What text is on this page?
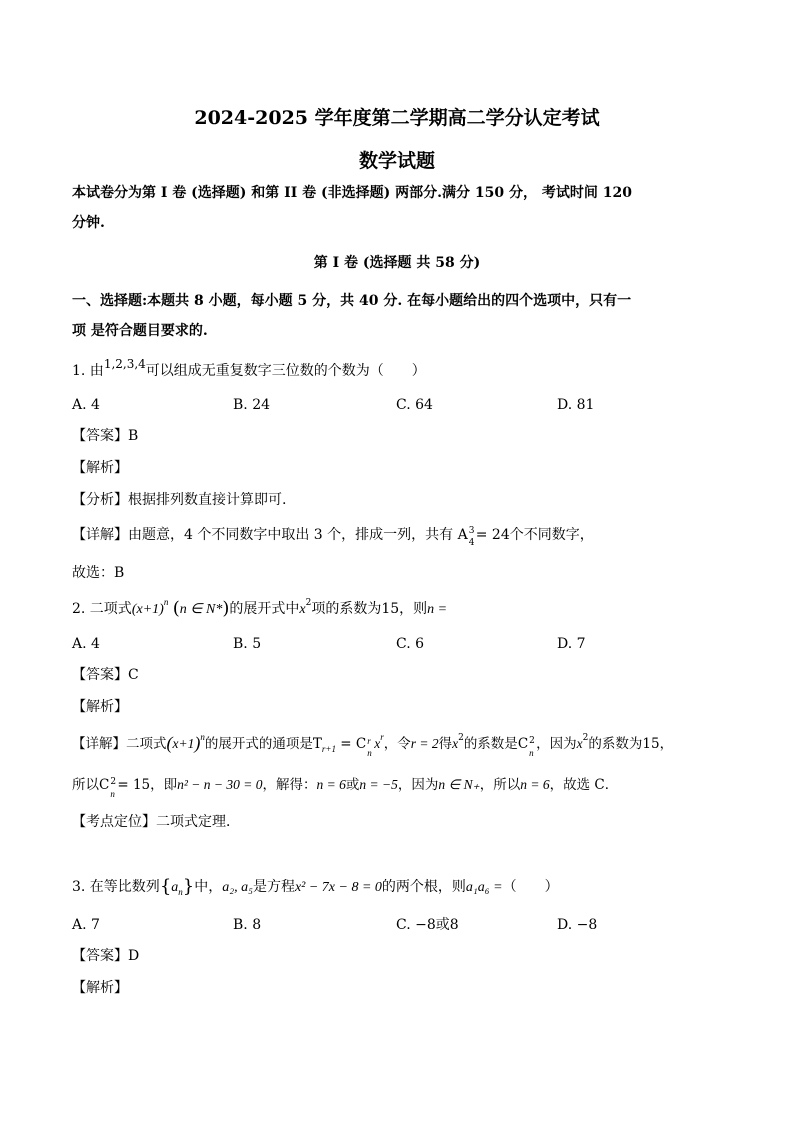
2024-2025 学年度第二学期高二学分认定考试
数学试题
本试卷分为第 I 卷 (选择题) 和第 II 卷 (非选择题) 两部分.满分 150 分， 考试时间 120
分钟.
第 I 卷 (选择题 共 58 分)
一、选择题:本题共 8 小题，每小题 5 分，共 40 分. 在每小题给出的四个选项中，只有一
项 是符合题目要求的.
1. 由1,2,3,4可以组成无重复数字三位数的个数为（　　）
A. 4	B. 24	C. 64	D. 81
【答案】B
【解析】
【分析】根据排列数直接计算即可.
【详解】由题意，4 个不同数字中取出 3 个，排成一列，共有 A 3
4 = 24个不同数字，
故选：B
2. 二项式$(x+1)^n$ (n ∈ N*)的展开式中$x^2$项的系数为15，则n =
A. 4	B. 5	C. 6	D. 7
【答案】C
【解析】
【详解】二项式$(x+1)^n$的展开式的通项是$T_{r+1} = C$ r
n
$x^r$，令r = 2得$x^2$的系数是C 2
n
，因为$x^2$的系数为15，
所以C 2
n
= 15，即n² − n − 30 = 0，解得：n = 6或n = −5，因为n ∈ N₊，所以n = 6，故选 C．
【考点定位】二项式定理．
3. 在等比数列$\{a_n\}$中，a₂, a₅是方程x² − 7x − 8 = 0的两个根，则a₁a₆ =（　　）
A. 7	B. 8	C. −8或8	D. −8
【答案】D
【解析】
